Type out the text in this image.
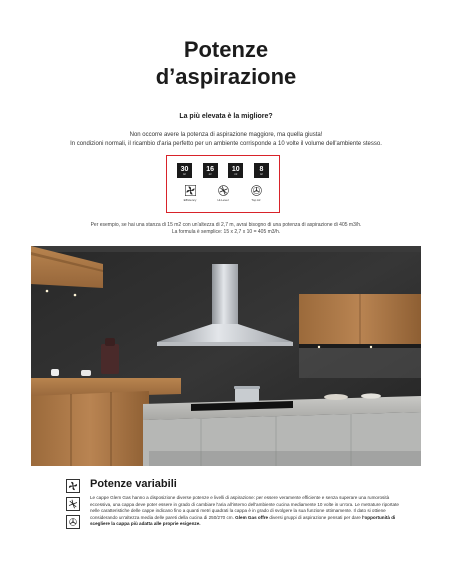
Potenze
d’aspirazione
La più elevata è la migliore?
Non occorre avere la potenza di aspirazione maggiore, ma quella giusta!
In condizioni normali, il ricambio d'aria perfetto per un ambiente corrisponde a 10 volte il volume dell'ambiente stesso.
30
m²
16
m²
10
m²
8
m²
Efficiency	Hi-Level	Top Air
Per esempio, se hai una stanza di 15 m2 con un'altezza di 2,7 m, avrai bisogno di una potenza di aspirazione di 405 m3/h.
La formula è semplice: 15 x 2,7 x 10 = 405 m3/h.
Potenze variabili
Le cappe Glem Gas hanno a disposizione diverse potenze e livelli di aspirazione: per essere veramente efficiente e senza superare una rumorosità eccessiva, una cappa deve poter essere in grado di cambiare l'aria all'interno dell'ambiente cucina mediamente 10 volte in un'ora. Le metrature riportate nelle caratteristiche delle cappe indicano fino a quanti metri quadrati la cappa è in grado di svolgere la sua funzione ottimamente. Il dato si ottiene considerando un'altezza media delle pareti della cucina di 250/270 cm. Glem Gas offre diversi gruppi di aspirazione pensati per dare l'opportunità di scegliere la cappa più adatta alle proprie esigenze.
